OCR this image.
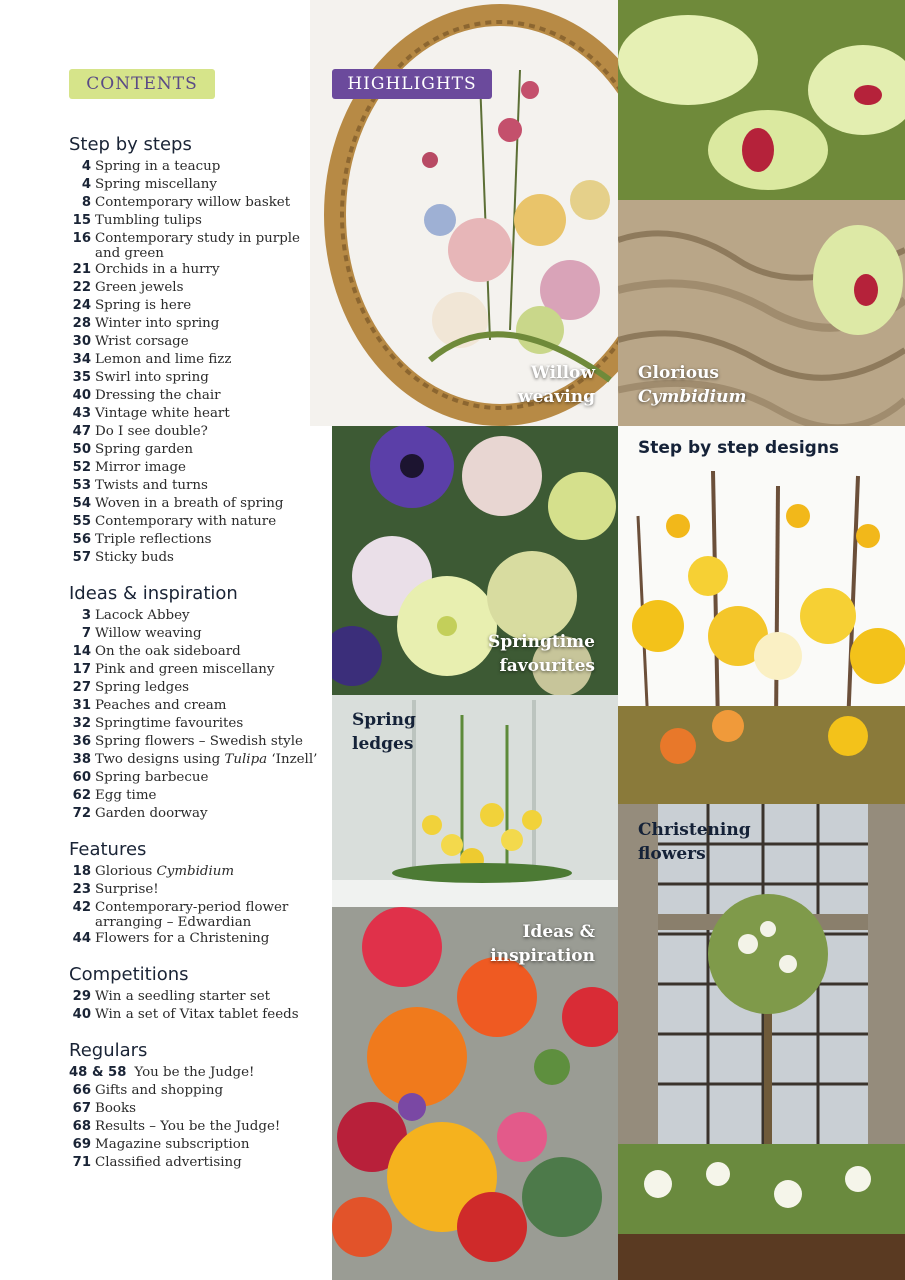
CONTENTS
Step by steps
4 Spring in a teacup
4 Spring miscellany
8 Contemporary willow basket
15 Tumbling tulips
16 Contemporary study in purple and green
21 Orchids in a hurry
22 Green jewels
24 Spring is here
28 Winter into spring
30 Wrist corsage
34 Lemon and lime fizz
35 Swirl into spring
40 Dressing the chair
43 Vintage white heart
47 Do I see double?
50 Spring garden
52 Mirror image
53 Twists and turns
54 Woven in a breath of spring
55 Contemporary with nature
56 Triple reflections
57 Sticky buds
Ideas & inspiration
3 Lacock Abbey
7 Willow weaving
14 On the oak sideboard
17 Pink and green miscellany
27 Spring ledges
31 Peaches and cream
32 Springtime favourites
36 Spring flowers – Swedish style
38 Two designs using Tulipa ‘Inzell’
60 Spring barbecue
62 Egg time
72 Garden doorway
Features
18 Glorious Cymbidium
23 Surprise!
42 Contemporary-period flower arranging – Edwardian
44 Flowers for a Christening
Competitions
29 Win a seedling starter set
40 Win a set of Vitax tablet feeds
Regulars
48 & 58 You be the Judge!
66 Gifts and shopping
67 Books
68 Results – You be the Judge!
69 Magazine subscription
71 Classified advertising
HIGHLIGHTS
Willow
weaving
Glorious
Cymbidium
Springtime
favourites
Spring
ledges
Ideas &
inspiration
Step by step designs
Christening
flowers
